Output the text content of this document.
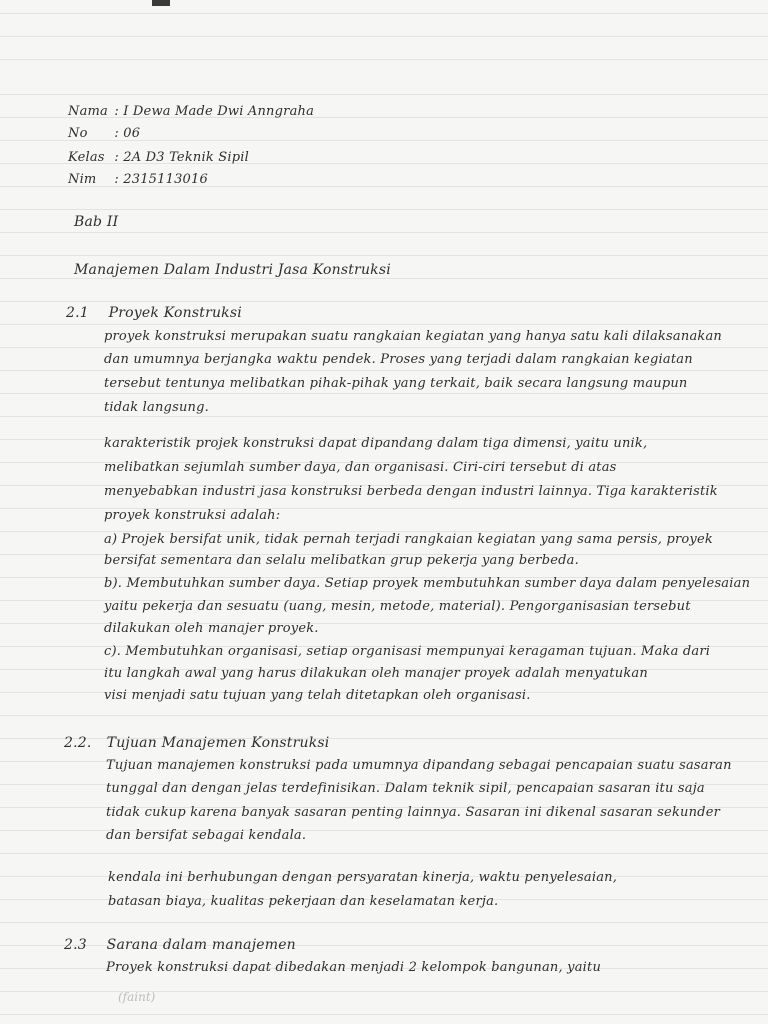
Nama : I Dewa Made Dwi Anngraha
No : 06
Kelas : 2A D3 Teknik Sipil
Nim : 2315113016
Bab II
Manajemen Dalam Industri Jasa Konstruksi
2.1 Proyek Konstruksi
proyek konstruksi merupakan suatu rangkaian kegiatan yang hanya satu kali dilaksanakan
dan umumnya berjangka waktu pendek. Proses yang terjadi dalam rangkaian kegiatan
tersebut tentunya melibatkan pihak-pihak yang terkait, baik secara langsung maupun
tidak langsung.
karakteristik projek konstruksi dapat dipandang dalam tiga dimensi, yaitu unik,
melibatkan sejumlah sumber daya, dan organisasi. Ciri-ciri tersebut di atas
menyebabkan industri jasa konstruksi berbeda dengan industri lainnya. Tiga karakteristik
proyek konstruksi adalah:
a) Projek bersifat unik, tidak pernah terjadi rangkaian kegiatan yang sama persis, proyek
bersifat sementara dan selalu melibatkan grup pekerja yang berbeda.
b). Membutuhkan sumber daya. Setiap proyek membutuhkan sumber daya dalam penyelesaian
yaitu pekerja dan sesuatu (uang, mesin, metode, material). Pengorganisasian tersebut
dilakukan oleh manajer proyek.
c). Membutuhkan organisasi, setiap organisasi mempunyai keragaman tujuan. Maka dari
itu langkah awal yang harus dilakukan oleh manajer proyek adalah menyatukan
visi menjadi satu tujuan yang telah ditetapkan oleh organisasi.
2.2. Tujuan Manajemen Konstruksi
Tujuan manajemen konstruksi pada umumnya dipandang sebagai pencapaian suatu sasaran
tunggal dan dengan jelas terdefinisikan. Dalam teknik sipil, pencapaian sasaran itu saja
tidak cukup karena banyak sasaran penting lainnya. Sasaran ini dikenal sasaran sekunder
dan bersifat sebagai kendala.
kendala ini berhubungan dengan persyaratan kinerja, waktu penyelesaian,
batasan biaya, kualitas pekerjaan dan keselamatan kerja.
2.3 Sarana dalam manajemen
Proyek konstruksi dapat dibedakan menjadi 2 kelompok bangunan, yaitu
(faint)
